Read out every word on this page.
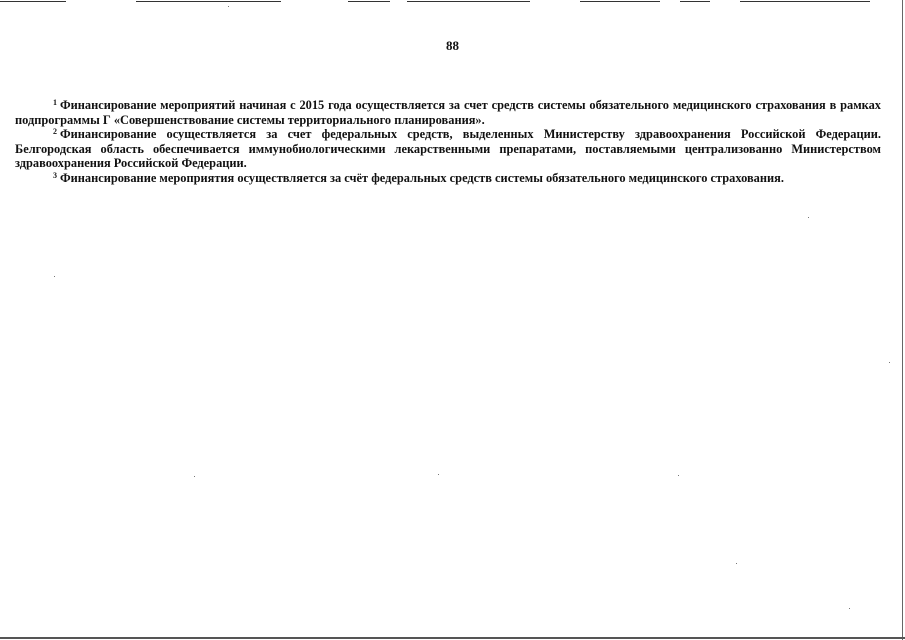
88

$^1$ Финансирование мероприятий начиная с 2015 года осуществляется за счет средств системы обязательного медицинского страхования в рамках подпрограммы Г «Совершенствование системы территориального планирования».

$^2$ Финансирование осуществляется за счет федеральных средств, выделенных Министерству здравоохранения Российской Федерации. Белгородская область обеспечивается иммунобиологическими лекарственными препаратами, поставляемыми централизованно Министерством здравоохранения Российской Федерации.

$^3$ Финансирование мероприятия осуществляется за счёт федеральных средств системы обязательного медицинского страхования.
